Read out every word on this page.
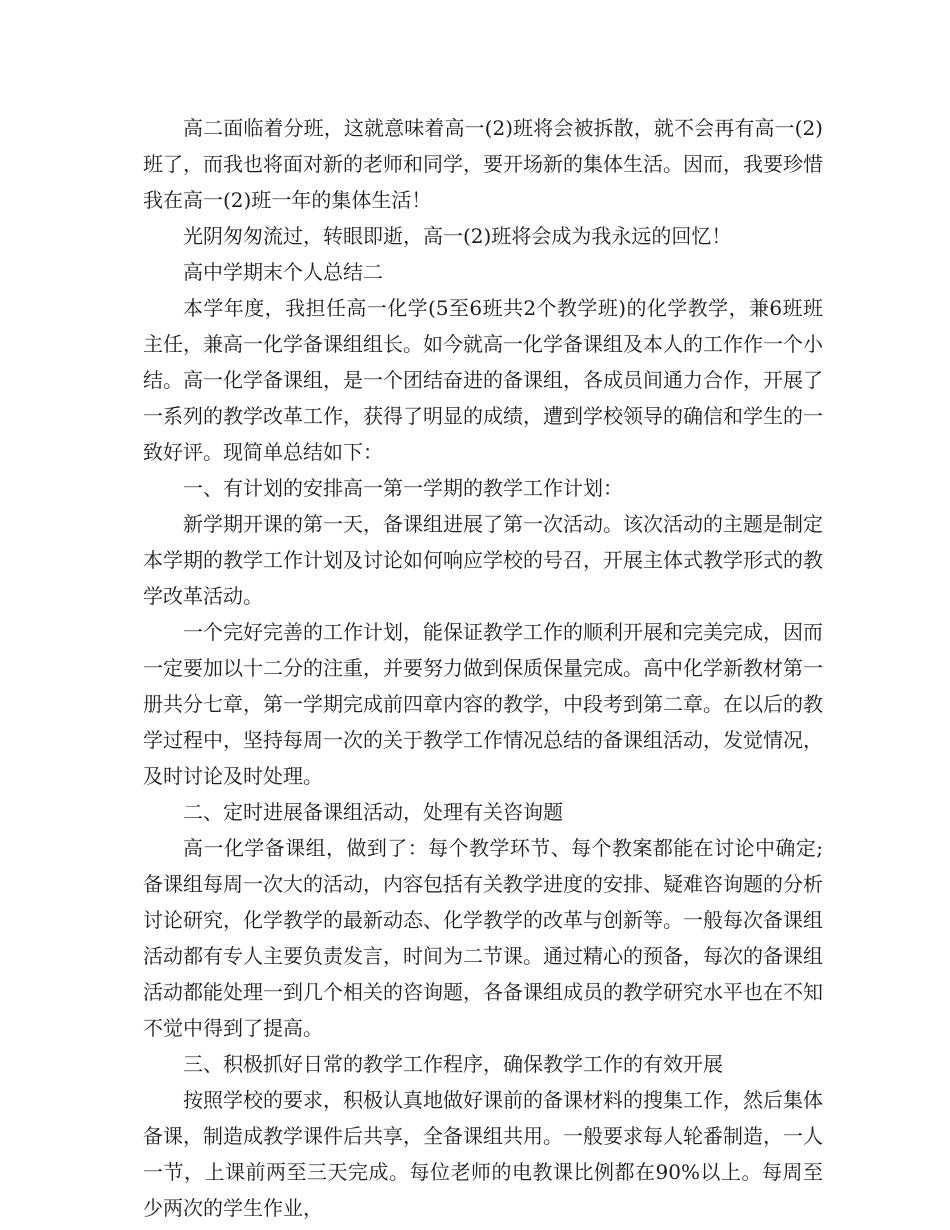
高二面临着分班，这就意味着高一(2)班将会被拆散，就不会再有高一(2)班了，而我也将面对新的老师和同学，要开场新的集体生活。因而，我要珍惜我在高一(2)班一年的集体生活！

光阴匆匆流过，转眼即逝，高一(2)班将会成为我永远的回忆！

高中学期末个人总结二

本学年度，我担任高一化学(5至6班共2个教学班)的化学教学，兼6班班主任，兼高一化学备课组组长。如今就高一化学备课组及本人的工作作一个小结。高一化学备课组，是一个团结奋进的备课组，各成员间通力合作，开展了一系列的教学改革工作，获得了明显的成绩，遭到学校领导的确信和学生的一致好评。现简单总结如下：

一、有计划的安排高一第一学期的教学工作计划：

新学期开课的第一天，备课组进展了第一次活动。该次活动的主题是制定本学期的教学工作计划及讨论如何响应学校的号召，开展主体式教学形式的教学改革活动。

一个完好完善的工作计划，能保证教学工作的顺利开展和完美完成，因而一定要加以十二分的注重，并要努力做到保质保量完成。高中化学新教材第一册共分七章，第一学期完成前四章内容的教学，中段考到第二章。在以后的教学过程中，坚持每周一次的关于教学工作情况总结的备课组活动，发觉情况，及时讨论及时处理。

二、定时进展备课组活动，处理有关咨询题

高一化学备课组，做到了：每个教学环节、每个教案都能在讨论中确定;备课组每周一次大的活动，内容包括有关教学进度的安排、疑难咨询题的分析讨论研究，化学教学的最新动态、化学教学的改革与创新等。一般每次备课组活动都有专人主要负责发言，时间为二节课。通过精心的预备，每次的备课组活动都能处理一到几个相关的咨询题，各备课组成员的教学研究水平也在不知不觉中得到了提高。

三、积极抓好日常的教学工作程序，确保教学工作的有效开展

按照学校的要求，积极认真地做好课前的备课材料的搜集工作，然后集体备课，制造成教学课件后共享，全备课组共用。一般要求每人轮番制造，一人一节，上课前两至三天完成。每位老师的电教课比例都在90%以上。每周至少两次的学生作业，
